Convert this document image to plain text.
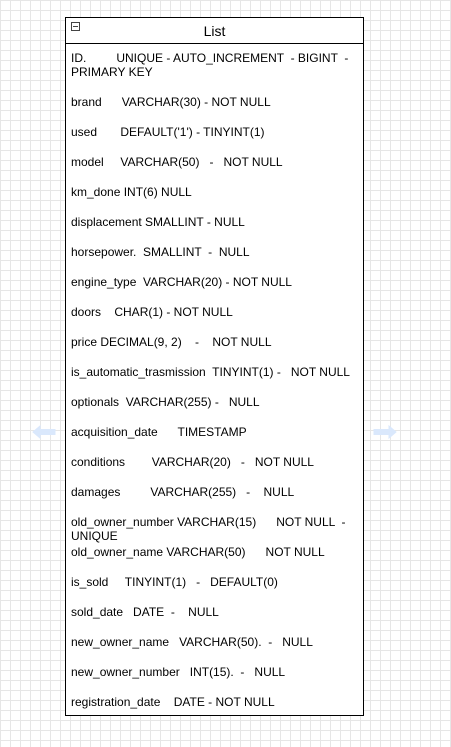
List
ID.         UNIQUE - AUTO_INCREMENT  - BIGINT  - PRIMARY KEY
brand      VARCHAR(30) - NOT NULL
used       DEFAULT('1') - TINYINT(1)
model     VARCHAR(50)   -   NOT NULL
km_done INT(6) NULL
displacement SMALLINT - NULL
horsepower.  SMALLINT  -  NULL
engine_type  VARCHAR(20) - NOT NULL
doors    CHAR(1) - NOT NULL
price DECIMAL(9, 2)    -    NOT NULL
is_automatic_trasmission  TINYINT(1) -   NOT NULL
optionals  VARCHAR(255) -   NULL
acquisition_date      TIMESTAMP
conditions        VARCHAR(20)   -   NOT NULL
damages         VARCHAR(255)   -    NULL
old_owner_number VARCHAR(15)      NOT NULL  - UNIQUE
old_owner_name VARCHAR(50)      NOT NULL
is_sold     TINYINT(1)   -   DEFAULT(0)
sold_date   DATE  -    NULL
new_owner_name   VARCHAR(50).  -   NULL
new_owner_number   INT(15).  -   NULL
registration_date    DATE - NOT NULL
